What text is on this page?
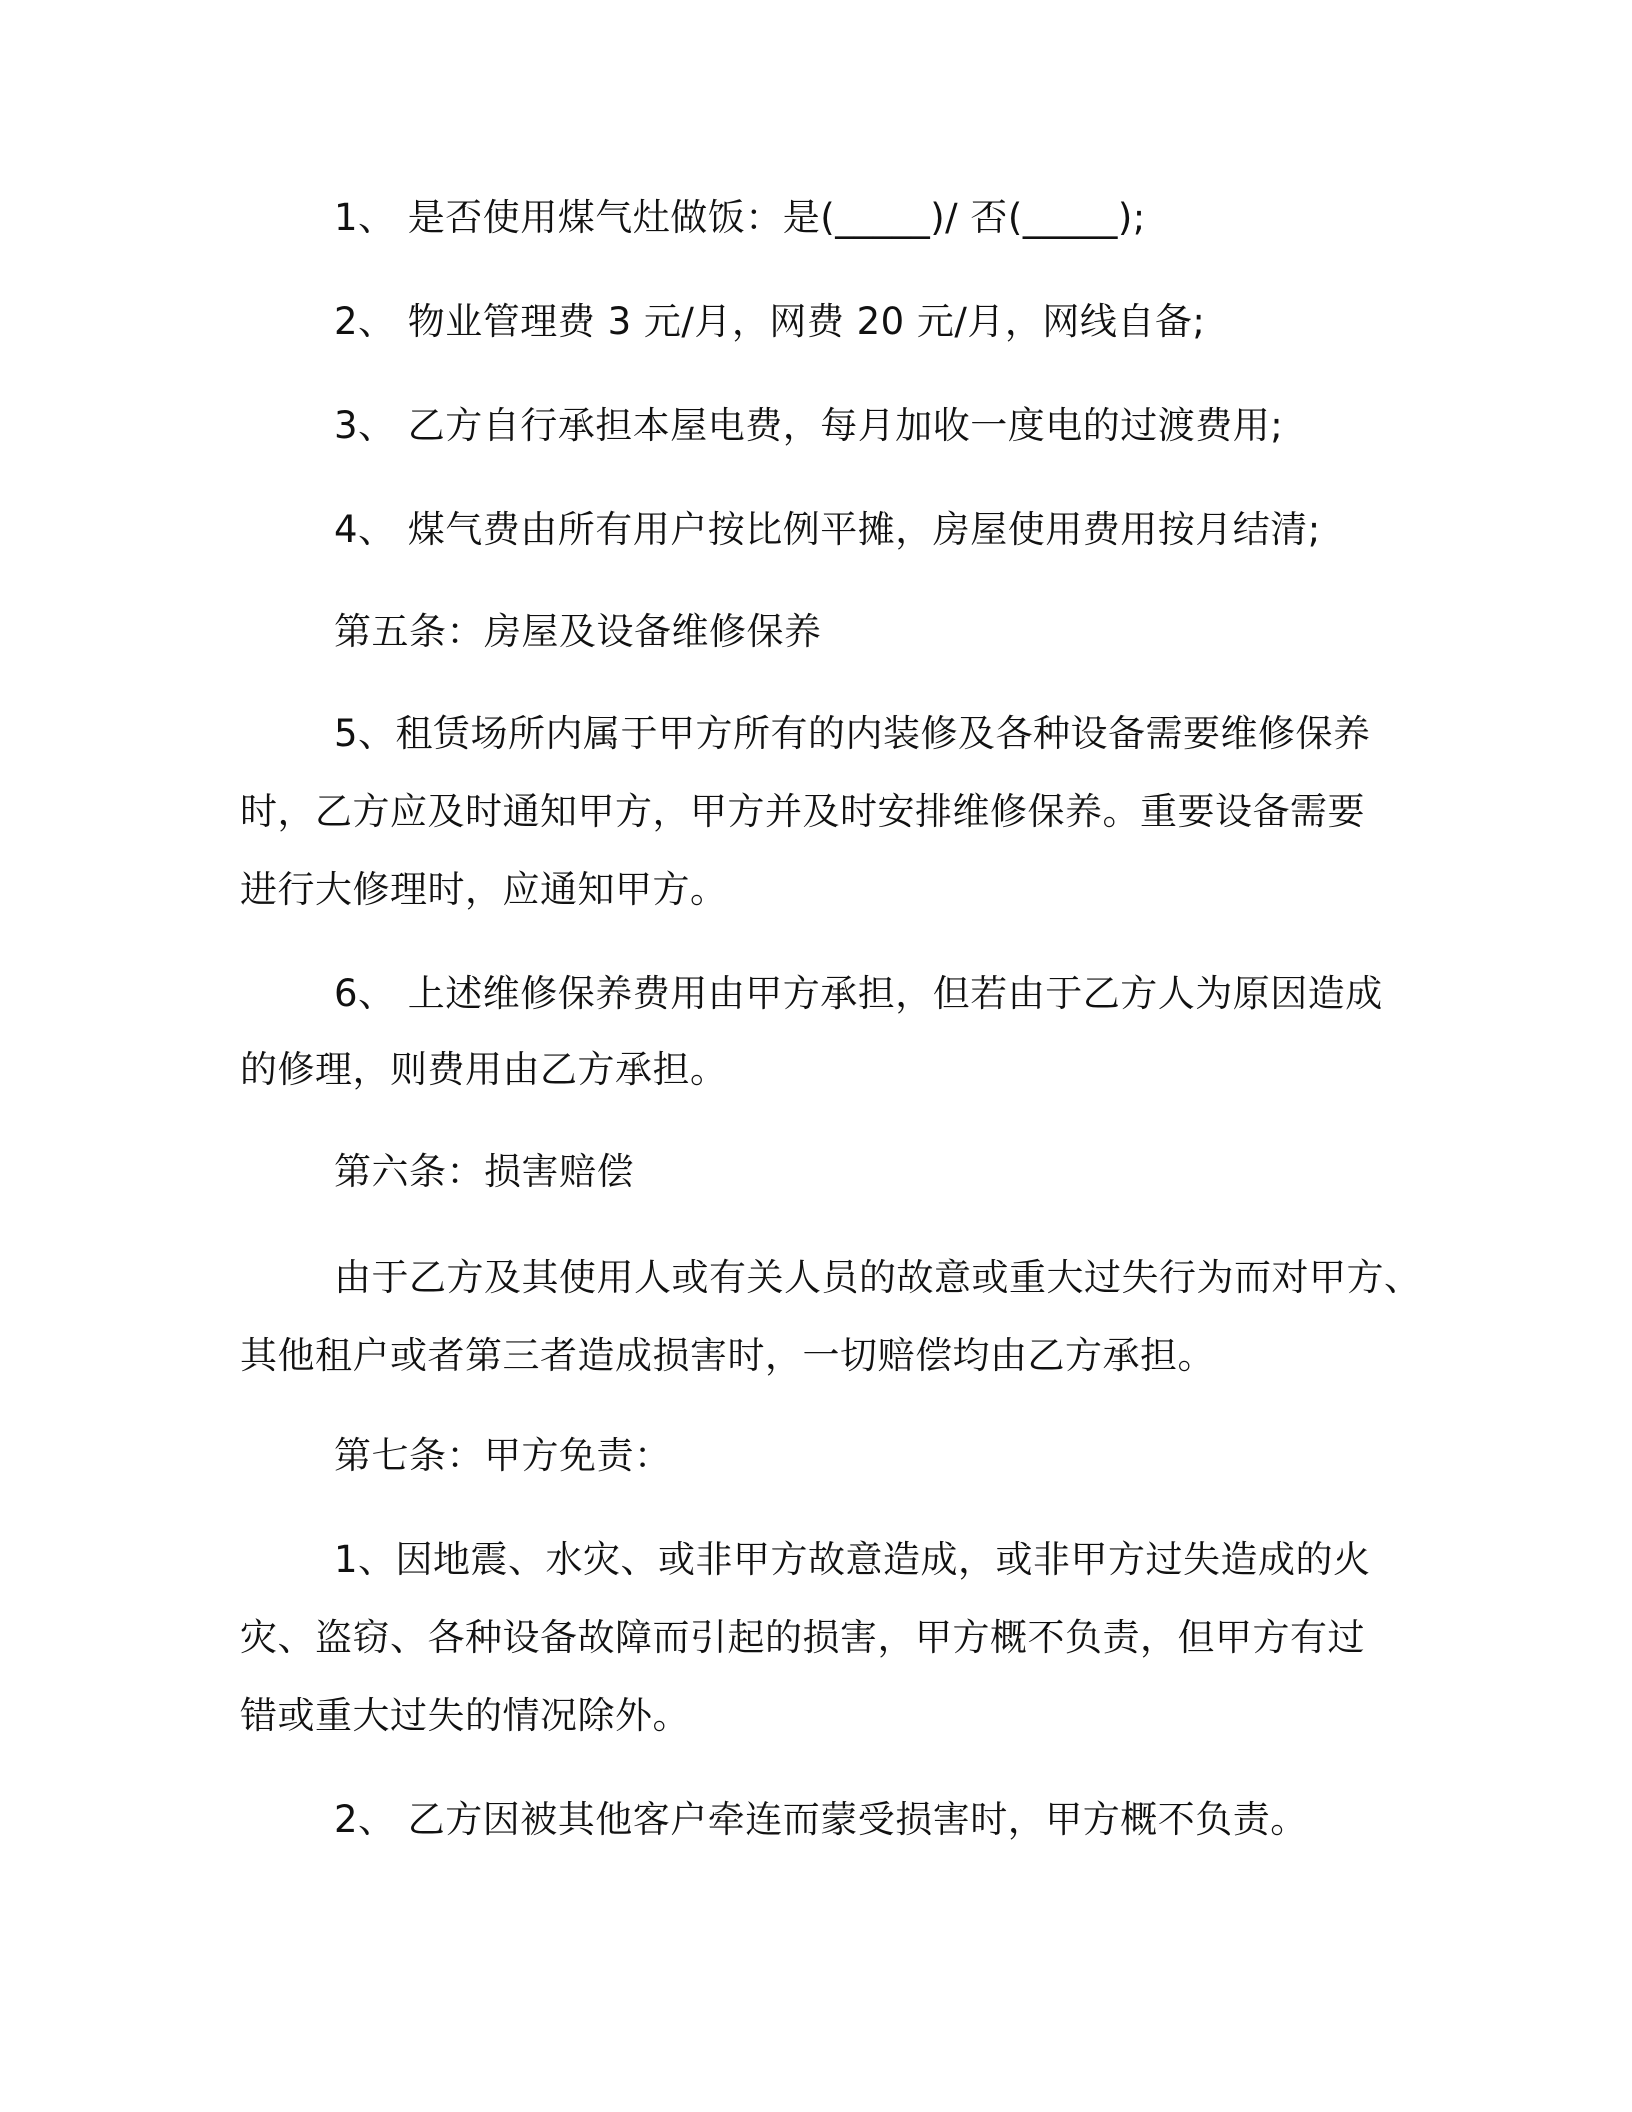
1、 是否使用煤气灶做饭：是(_____)/ 否(_____);
2、 物业管理费 3 元/月，网费 20 元/月，网线自备;
3、 乙方自行承担本屋电费，每月加收一度电的过渡费用;
4、 煤气费由所有用户按比例平摊，房屋使用费用按月结清;
第五条：房屋及设备维修保养
5、租赁场所内属于甲方所有的内装修及各种设备需要维修保养
时，乙方应及时通知甲方，甲方并及时安排维修保养。重要设备需要
进行大修理时，应通知甲方。
6、 上述维修保养费用由甲方承担，但若由于乙方人为原因造成
的修理，则费用由乙方承担。
第六条：损害赔偿
由于乙方及其使用人或有关人员的故意或重大过失行为而对甲方、
其他租户或者第三者造成损害时，一切赔偿均由乙方承担。
第七条：甲方免责：
1、因地震、水灾、或非甲方故意造成，或非甲方过失造成的火
灾、盗窃、各种设备故障而引起的损害，甲方概不负责，但甲方有过
错或重大过失的情况除外。
2、 乙方因被其他客户牵连而蒙受损害时，甲方概不负责。
